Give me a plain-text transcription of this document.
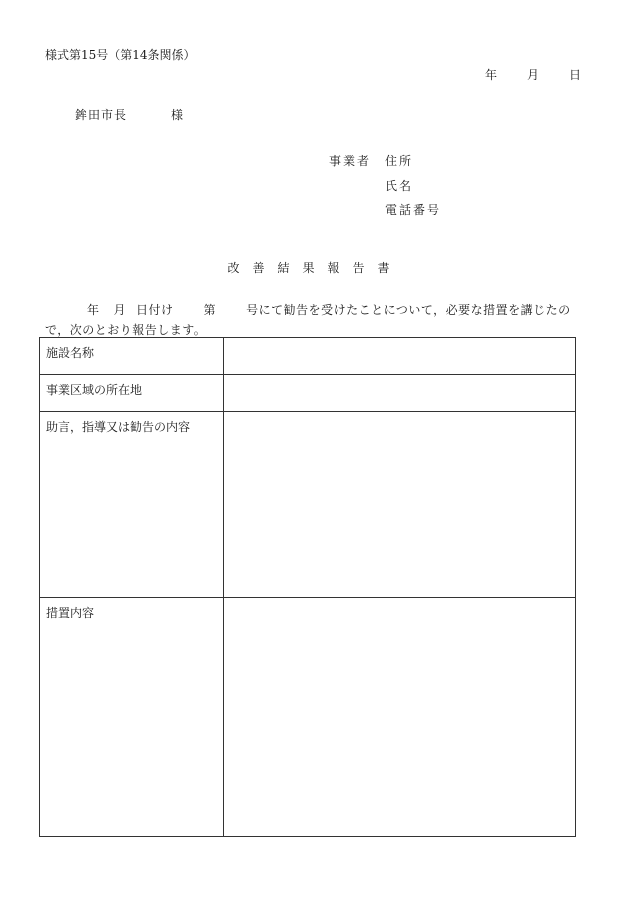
様式第15号（第14条関係）
年	月	日
鉾田市長	様
事業者 住所
氏名
電話番号
改善結果報告書
年 月 日付け	第	号にて勧告を受けたことについて，必要な措置を講じたので，次のとおり報告します。
施設名称	
事業区域の所在地	
助言，指導又は勧告の内容	
措置内容	
